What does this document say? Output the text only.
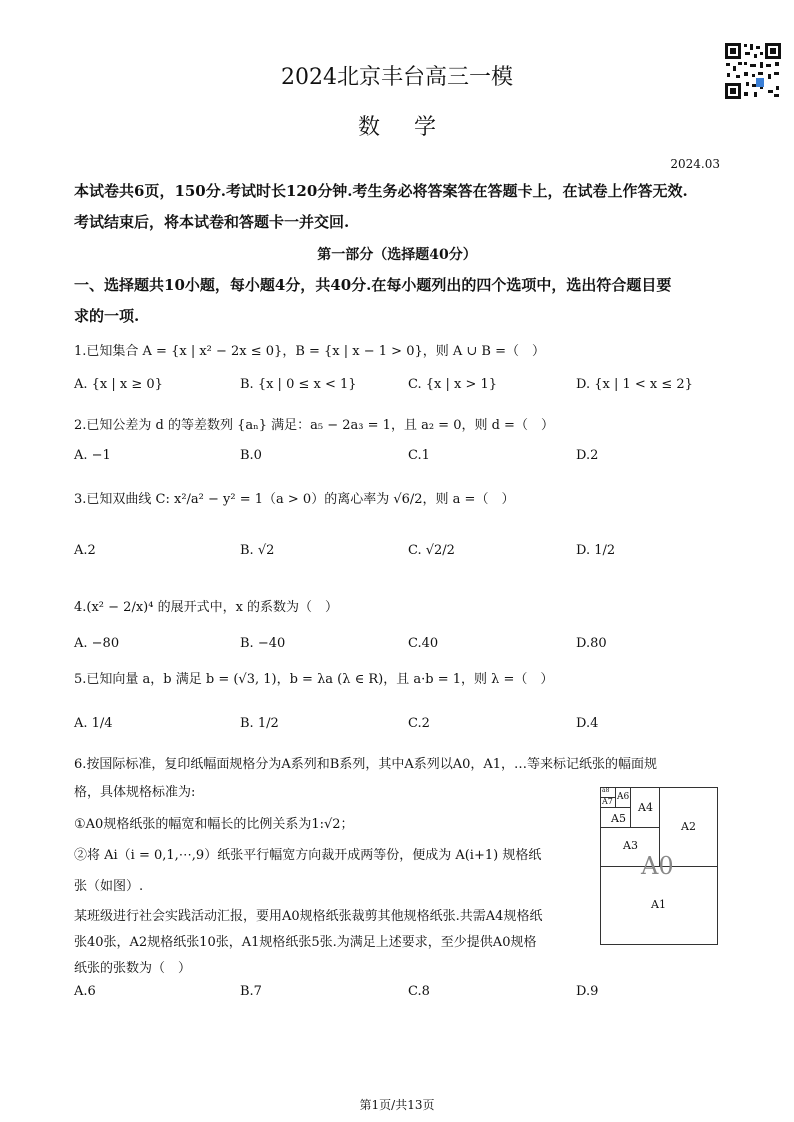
2024北京丰台高三一模
数学
2024.03
本试卷共6页，150分.考试时长120分钟.考生务必将答案答在答题卡上，在试卷上作答无效.
考试结束后，将本试卷和答题卡一并交回.
第一部分（选择题40分）
一、选择题共10小题，每小题4分，共40分.在每小题列出的四个选项中，选出符合题目要
求的一项.
1.已知集合 A = {x | x² − 2x ≤ 0}，B = {x | x − 1 > 0}，则 A ∪ B =（　）
A. {x | x ≥ 0}	B. {x | 0 ≤ x < 1}	C. {x | x > 1}	D. {x | 1 < x ≤ 2}
2.已知公差为 d 的等差数列 {aₙ} 满足：a₅ − 2a₃ = 1，且 a₂ = 0，则 d =（　）
A. −1	B.0	C.1	D.2
3.已知双曲线 C: x²/a² − y² = 1（a > 0）的离心率为 √6/2，则 a =（　）
A.2	B. √2	C. √2/2	D. 1/2
4.(x² − 2/x)⁴ 的展开式中，x 的系数为（　）
A. −80	B. −40	C.40	D.80
5.已知向量 a，b 满足 b = (√3, 1)，b = λa (λ ∈ R)，且 a·b = 1，则 λ =（　）
A. 1/4	B. 1/2	C.2	D.4
6.按国际标准，复印纸幅面规格分为A系列和B系列，其中A系列以A0，A1，…等来标记纸张的幅面规
格，具体规格标准为:
①A0规格纸张的幅宽和幅长的比例关系为1:√2；
②将 Ai（i = 0,1,⋯,9）纸张平行幅宽方向裁开成两等份，便成为 A(i+1) 规格纸
张（如图）.
某班级进行社会实践活动汇报，要用A0规格纸张裁剪其他规格纸张.共需A4规格纸
张40张，A2规格纸张10张，A1规格纸张5张.为满足上述要求，至少提供A0规格
纸张的张数为（　）
A.6	B.7	C.8	D.9
a8
A7 A6
A5
A4
A3
A2
A1
A0
第1页/共13页
